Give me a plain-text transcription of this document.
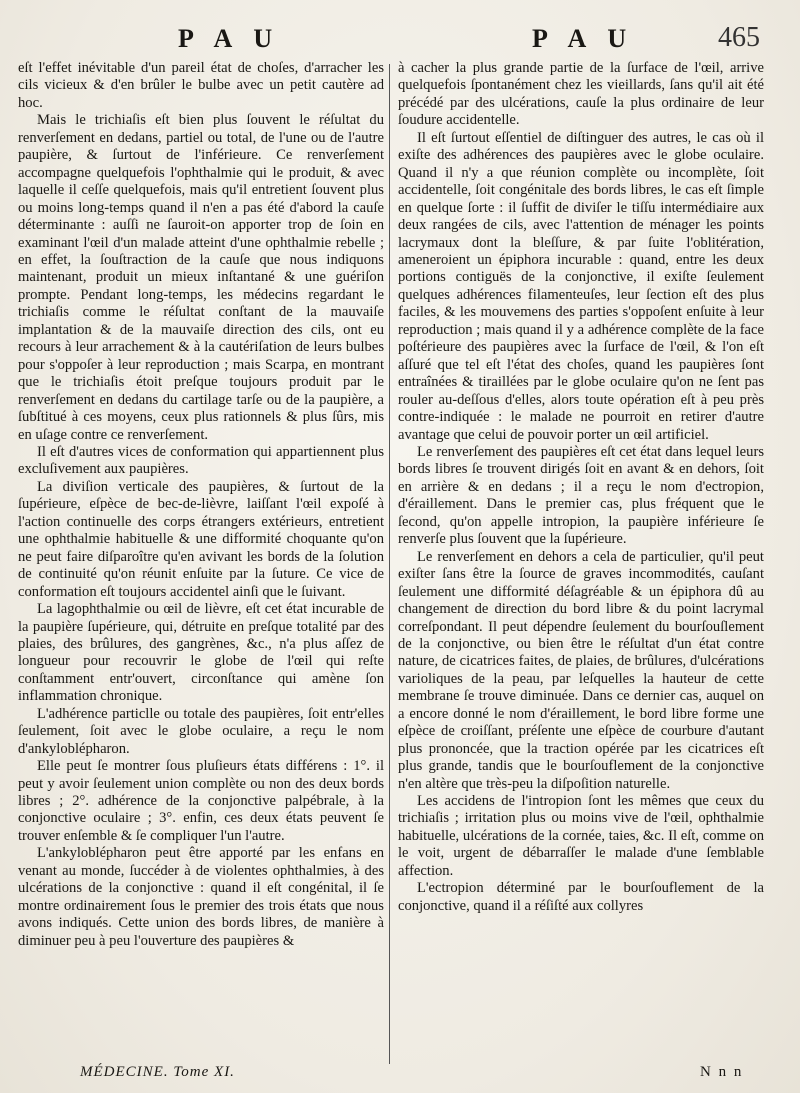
P A U	P A U	465

eſt l'effet inévitable d'un pareil état de choſes, d'arracher les cils vicieux & d'en brûler le bulbe avec un petit cautère ad hoc.

Mais le trichiaſis eſt bien plus ſouvent le réſultat du renverſement en dedans, partiel ou total, de l'une ou de l'autre paupière, & ſurtout de l'inférieure. Ce renverſement accompagne quelquefois l'ophthalmie qui le produit, & avec laquelle il ceſſe quelquefois, mais qu'il entretient ſouvent plus ou moins long-temps quand il n'en a pas été d'abord la cauſe déterminante : auſſi ne ſauroit-on apporter trop de ſoin en examinant l'œil d'un malade atteint d'une ophthalmie rebelle ; en effet, la ſouſtraction de la cauſe que nous indiquons maintenant, produit un mieux inſtantané & une guériſon prompte. Pendant long-temps, les médecins regardant le trichiaſis comme le réſultat conſtant de la mauvaiſe implantation & de la mauvaiſe direction des cils, ont eu recours à leur arrachement & à la cautériſation de leurs bulbes pour s'oppoſer à leur reproduction ; mais Scarpa, en montrant que le trichiaſis étoit preſque toujours produit par le renverſement en dedans du cartilage tarſe ou de la paupière, a ſubſtitué à ces moyens, ceux plus rationnels & plus ſûrs, mis en uſage contre ce renverſement.

Il eſt d'autres vices de conformation qui appartiennent plus excluſivement aux paupières.

La diviſion verticale des paupières, & ſurtout de la ſupérieure, eſpèce de bec-de-lièvre, laiſſant l'œil expoſé à l'action continuelle des corps étrangers extérieurs, entretient une ophthalmie habituelle & une difformité choquante qu'on ne peut faire diſparoître qu'en avivant les bords de la ſolution de continuité qu'on réunit enſuite par la ſuture. Ce vice de conformation eſt toujours accidentel ainſi que le ſuivant.

La lagophthalmie ou œil de lièvre, eſt cet état incurable de la paupière ſupérieure, qui, détruite en preſque totalité par des plaies, des brûlures, des gangrènes, &c., n'a plus aſſez de longueur pour recouvrir le globe de l'œil qui reſte conſtamment entr'ouvert, circonſtance qui amène ſon inflammation chronique.

L'adhérence particlle ou totale des paupières, ſoit entr'elles ſeulement, ſoit avec le globe oculaire, a reçu le nom d'ankyloblépharon.

Elle peut ſe montrer ſous pluſieurs états différens : 1°. il peut y avoir ſeulement union complète ou non des deux bords libres ; 2°. adhérence de la conjonctive palpébrale, à la conjonctive oculaire ; 3°. enfin, ces deux états peuvent ſe trouver enſemble & ſe compliquer l'un l'autre.

L'ankyloblépharon peut être apporté par les enfans en venant au monde, ſuccéder à de violentes ophthalmies, à des ulcérations de la conjonctive : quand il eſt congénital, il ſe montre ordinairement ſous le premier des trois états que nous avons indiqués. Cette union des bords libres, de manière à diminuer peu à peu l'ouverture des paupières &

à cacher la plus grande partie de la ſurface de l'œil, arrive quelquefois ſpontanément chez les vieillards, ſans qu'il ait été précédé par des ulcérations, cauſe la plus ordinaire de leur ſoudure accidentelle.

Il eſt ſurtout eſſentiel de diſtinguer des autres, le cas où il exiſte des adhérences des paupières avec le globe oculaire. Quand il n'y a que réunion complète ou incomplète, ſoit accidentelle, ſoit congénitale des bords libres, le cas eſt ſimple en quelque ſorte : il ſuffit de diviſer le tiſſu intermédiaire aux deux rangées de cils, avec l'attention de ménager les points lacrymaux dont la bleſſure, & par ſuite l'oblitération, ameneroient un épiphora incurable : quand, entre les deux portions contiguës de la conjonctive, il exiſte ſeulement quelques adhérences filamenteuſes, leur ſection eſt des plus faciles, & les mouvemens des parties s'oppoſent enſuite à leur reproduction ; mais quand il y a adhérence complète de la face poſtérieure des paupières avec la ſurface de l'œil, & l'on eſt aſſuré que tel eſt l'état des choſes, quand les paupières ſont entraînées & tiraillées par le globe oculaire qu'on ne ſent pas rouler au-deſſous d'elles, alors toute opération eſt à peu près contre-indiquée : le malade ne pourroit en retirer d'autre avantage que celui de pouvoir porter un œil artificiel.

Le renverſement des paupières eſt cet état dans lequel leurs bords libres ſe trouvent dirigés ſoit en avant & en dehors, ſoit en arrière & en dedans ; il a reçu le nom d'ectropion, d'éraillement. Dans le premier cas, plus fréquent que le ſecond, qu'on appelle intropion, la paupière inférieure ſe renverſe plus ſouvent que la ſupérieure.

Le renverſement en dehors a cela de particulier, qu'il peut exiſter ſans être la ſource de graves incommodités, cauſant ſeulement une difformité déſagréable & un épiphora dû au changement de direction du bord libre & du point lacrymal correſpondant. Il peut dépendre ſeulement du bourſouſlement de la conjonctive, ou bien être le réſultat d'un état contre nature, de cicatrices faites, de plaies, de brûlures, d'ulcérations varioliques de la peau, par leſquelles la hauteur de cette membrane ſe trouve diminuée. Dans ce dernier cas, auquel on a encore donné le nom d'éraillement, le bord libre forme une eſpèce de croiſſant, préſente une eſpèce de courbure d'autant plus prononcée, que la traction opérée par les cicatrices eſt plus grande, tandis que le bourſouflement de la conjonctive n'en altère que très-peu la diſpoſition naturelle.

Les accidens de l'intropion ſont les mêmes que ceux du trichiaſis ; irritation plus ou moins vive de l'œil, ophthalmie habituelle, ulcérations de la cornée, taies, &c. Il eſt, comme on le voit, urgent de débarraſſer le malade d'une ſemblable affection.

L'ectropion déterminé par le bourſouflement de la conjonctive, quand il a réſiſté aux collyres

MÉDECINE. Tome XI.	N n n
